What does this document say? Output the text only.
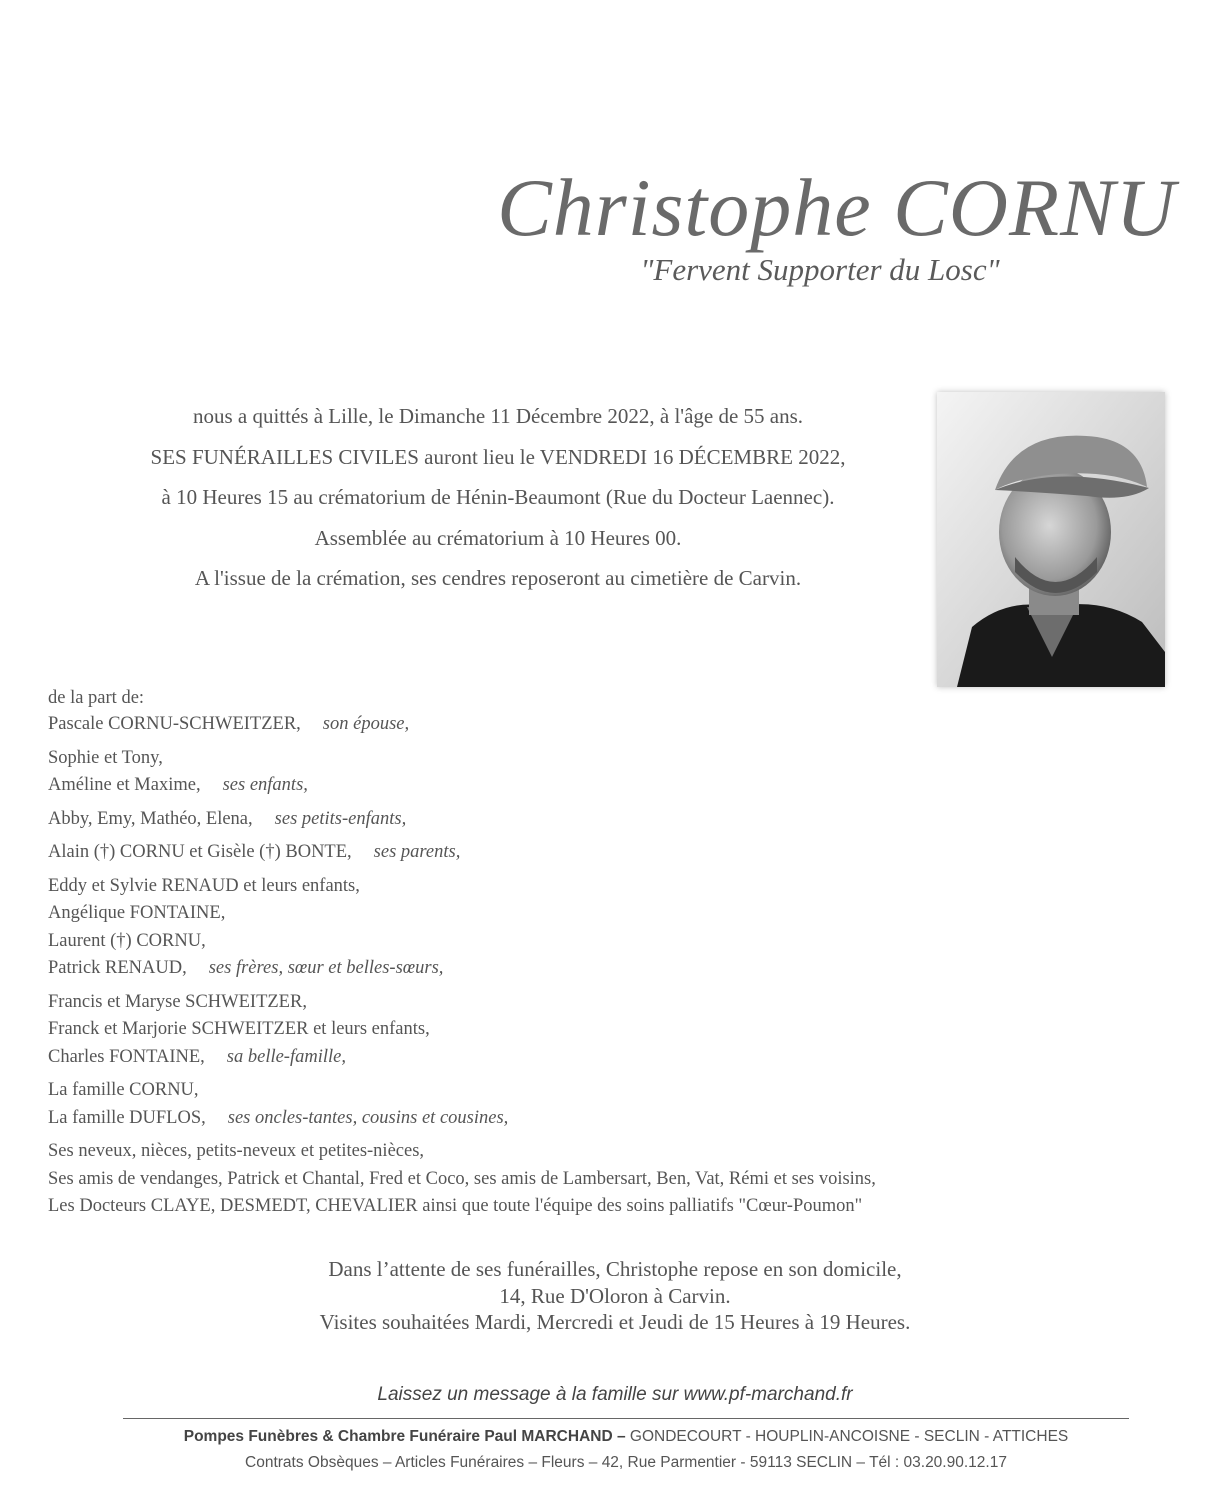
Christophe CORNU
"Fervent Supporter du Losc"
nous a quittés à Lille, le Dimanche 11 Décembre 2022, à l'âge de 55 ans.
SES FUNÉRAILLES CIVILES auront lieu le VENDREDI 16 DÉCEMBRE 2022,
à 10 Heures 15 au crématorium de Hénin-Beaumont (Rue du Docteur Laennec).
Assemblée au crématorium à 10 Heures 00.
A l'issue de la crémation, ses cendres reposeront au cimetière de Carvin.
de la part de:
Pascale CORNU-SCHWEITZER, son épouse,
Sophie et Tony,
Améline et Maxime, ses enfants,
Abby, Emy, Mathéo, Elena, ses petits-enfants,
Alain (†) CORNU et Gisèle (†) BONTE, ses parents,
Eddy et Sylvie RENAUD et leurs enfants,
Angélique FONTAINE,
Laurent (†) CORNU,
Patrick RENAUD, ses frères, sœur et belles-sœurs,
Francis et Maryse SCHWEITZER,
Franck et Marjorie SCHWEITZER et leurs enfants,
Charles FONTAINE, sa belle-famille,
La famille CORNU,
La famille DUFLOS, ses oncles-tantes, cousins et cousines,
Ses neveux, nièces, petits-neveux et petites-nièces,
Ses amis de vendanges, Patrick et Chantal, Fred et Coco, ses amis de Lambersart, Ben, Vat, Rémi et ses voisins,
Les Docteurs CLAYE, DESMEDT, CHEVALIER ainsi que toute l'équipe des soins palliatifs "Cœur-Poumon"
Dans l’attente de ses funérailles, Christophe repose en son domicile,
14, Rue D'Oloron à Carvin.
Visites souhaitées Mardi, Mercredi et Jeudi de 15 Heures à 19 Heures.
Laissez un message à la famille sur www.pf-marchand.fr
Pompes Funèbres & Chambre Funéraire Paul MARCHAND – GONDECOURT - HOUPLIN-ANCOISNE - SECLIN - ATTICHES
Contrats Obsèques – Articles Funéraires – Fleurs – 42, Rue Parmentier - 59113 SECLIN – Tél : 03.20.90.12.17
